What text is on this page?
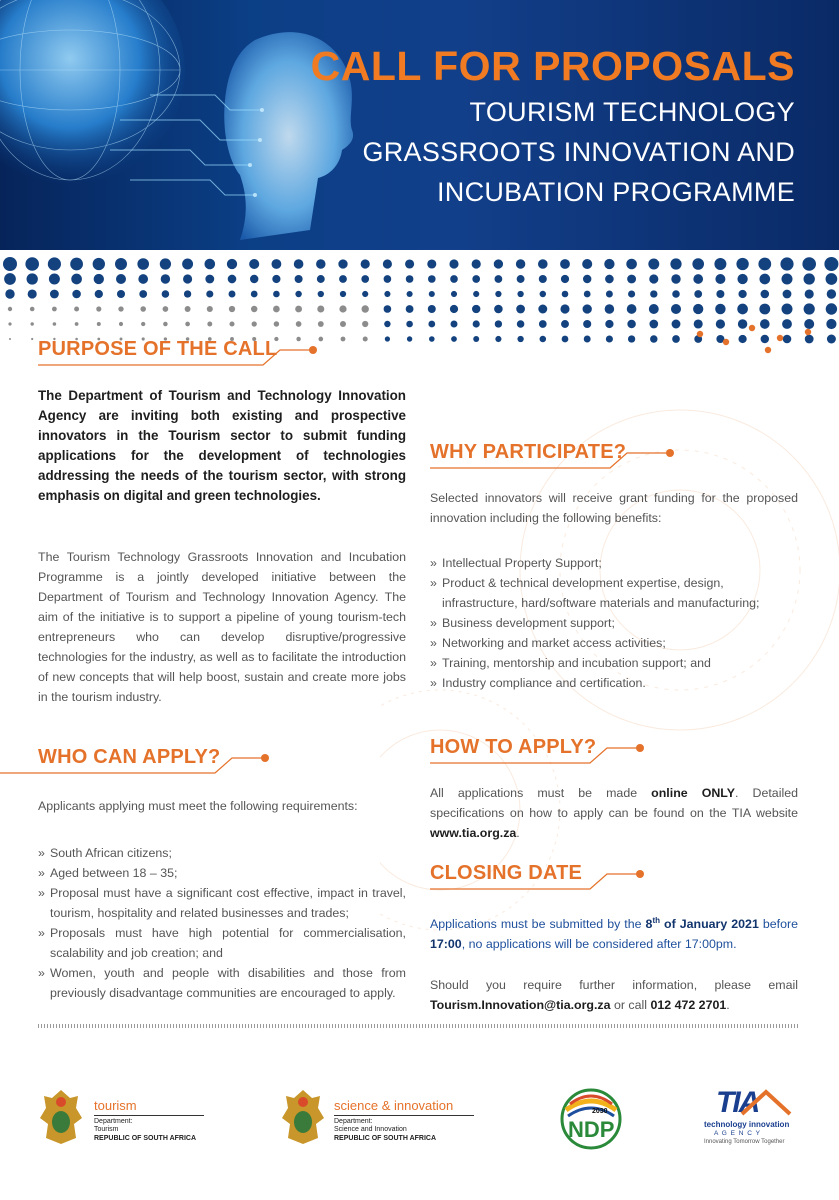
CALL FOR PROPOSALS
TOURISM TECHNOLOGY
GRASSROOTS INNOVATION AND
INCUBATION PROGRAMME
PURPOSE OF THE CALL
The Department of Tourism and Technology Innovation Agency are inviting both existing and prospective innovators in the Tourism sector to submit funding applications for the development of technologies addressing the needs of the tourism sector, with strong emphasis on digital and green technologies.
The Tourism Technology Grassroots Innovation and Incubation Programme is a jointly developed initiative between the Department of Tourism and Technology Innovation Agency. The aim of the initiative is to support a pipeline of young tourism-tech entrepreneurs who can develop disruptive/progressive technologies for the industry, as well as to facilitate the introduction of new concepts that will help boost, sustain and create more jobs in the tourism industry.
WHY PARTICIPATE?
Selected innovators will receive grant funding for the proposed innovation including the following benefits:
» Intellectual Property Support;
» Product & technical development expertise, design, infrastructure, hard/software materials and manufacturing;
» Business development support;
» Networking and market access activities;
» Training, mentorship and incubation support; and
» Industry compliance and certification.
WHO CAN APPLY?
Applicants applying must meet the following requirements:
» South African citizens;
» Aged between 18 – 35;
» Proposal must have a significant cost effective, impact in travel, tourism, hospitality and related businesses and trades;
» Proposals must have high potential for commercialisation, scalability and job creation; and
» Women, youth and people with disabilities and those from previously disadvantage communities are encouraged to apply.
HOW TO APPLY?
All applications must be made online ONLY. Detailed specifications on how to apply can be found on the TIA website www.tia.org.za.
CLOSING DATE
Applications must be submitted by the 8th of January 2021 before 17:00, no applications will be considered after 17:00pm.
Should you require further information, please email Tourism.Innovation@tia.org.za or call 012 472 2701.
tourism
Department:
Tourism
REPUBLIC OF SOUTH AFRICA
science & innovation
Department:
Science and Innovation
REPUBLIC OF SOUTH AFRICA
2030
NDP
TIA
technology innovation
A G E N C Y
Innovating Tomorrow Together
